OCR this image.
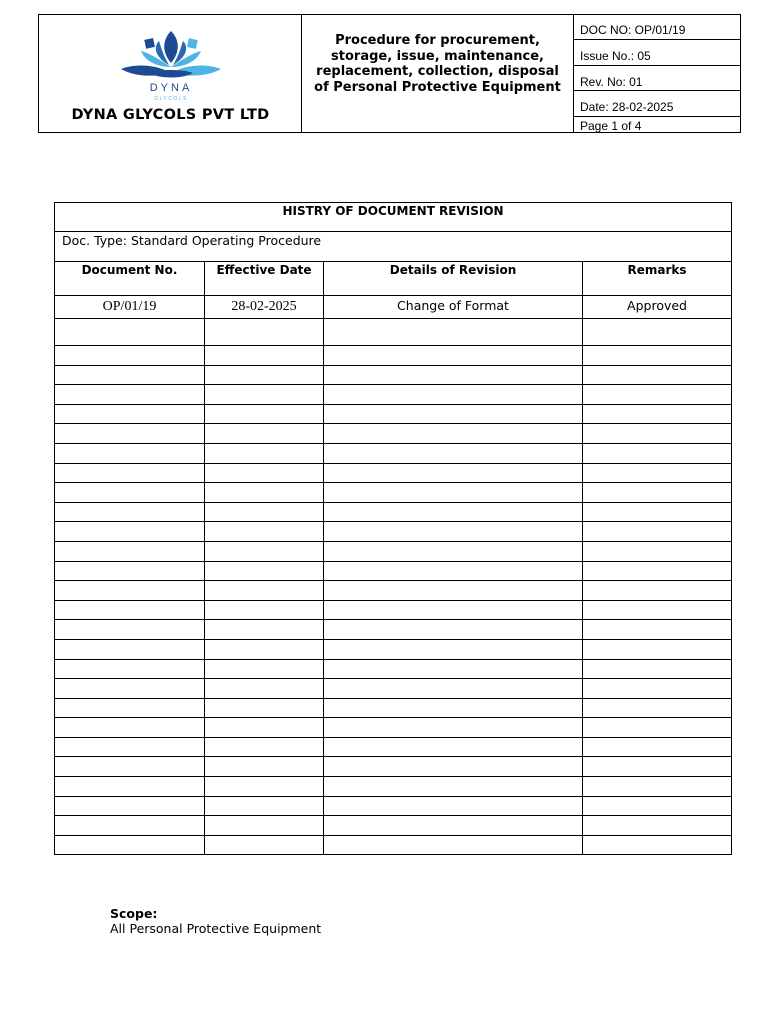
DYNA
GLYCOLS
DYNA GLYCOLS PVT LTD
Procedure for procurement, storage, issue, maintenance, replacement, collection, disposal of Personal Protective Equipment
DOC NO: OP/01/19
Issue No.: 05
Rev. No: 01
Date: 28-02-2025
Page 1 of 4
HISTRY OF DOCUMENT REVISION			
Doc. Type: Standard Operating Procedure			
Document No.	Effective Date	Details of Revision	Remarks
OP/01/19	28-02-2025	Change of Format	Approved

Scope:
All Personal Protective Equipment
